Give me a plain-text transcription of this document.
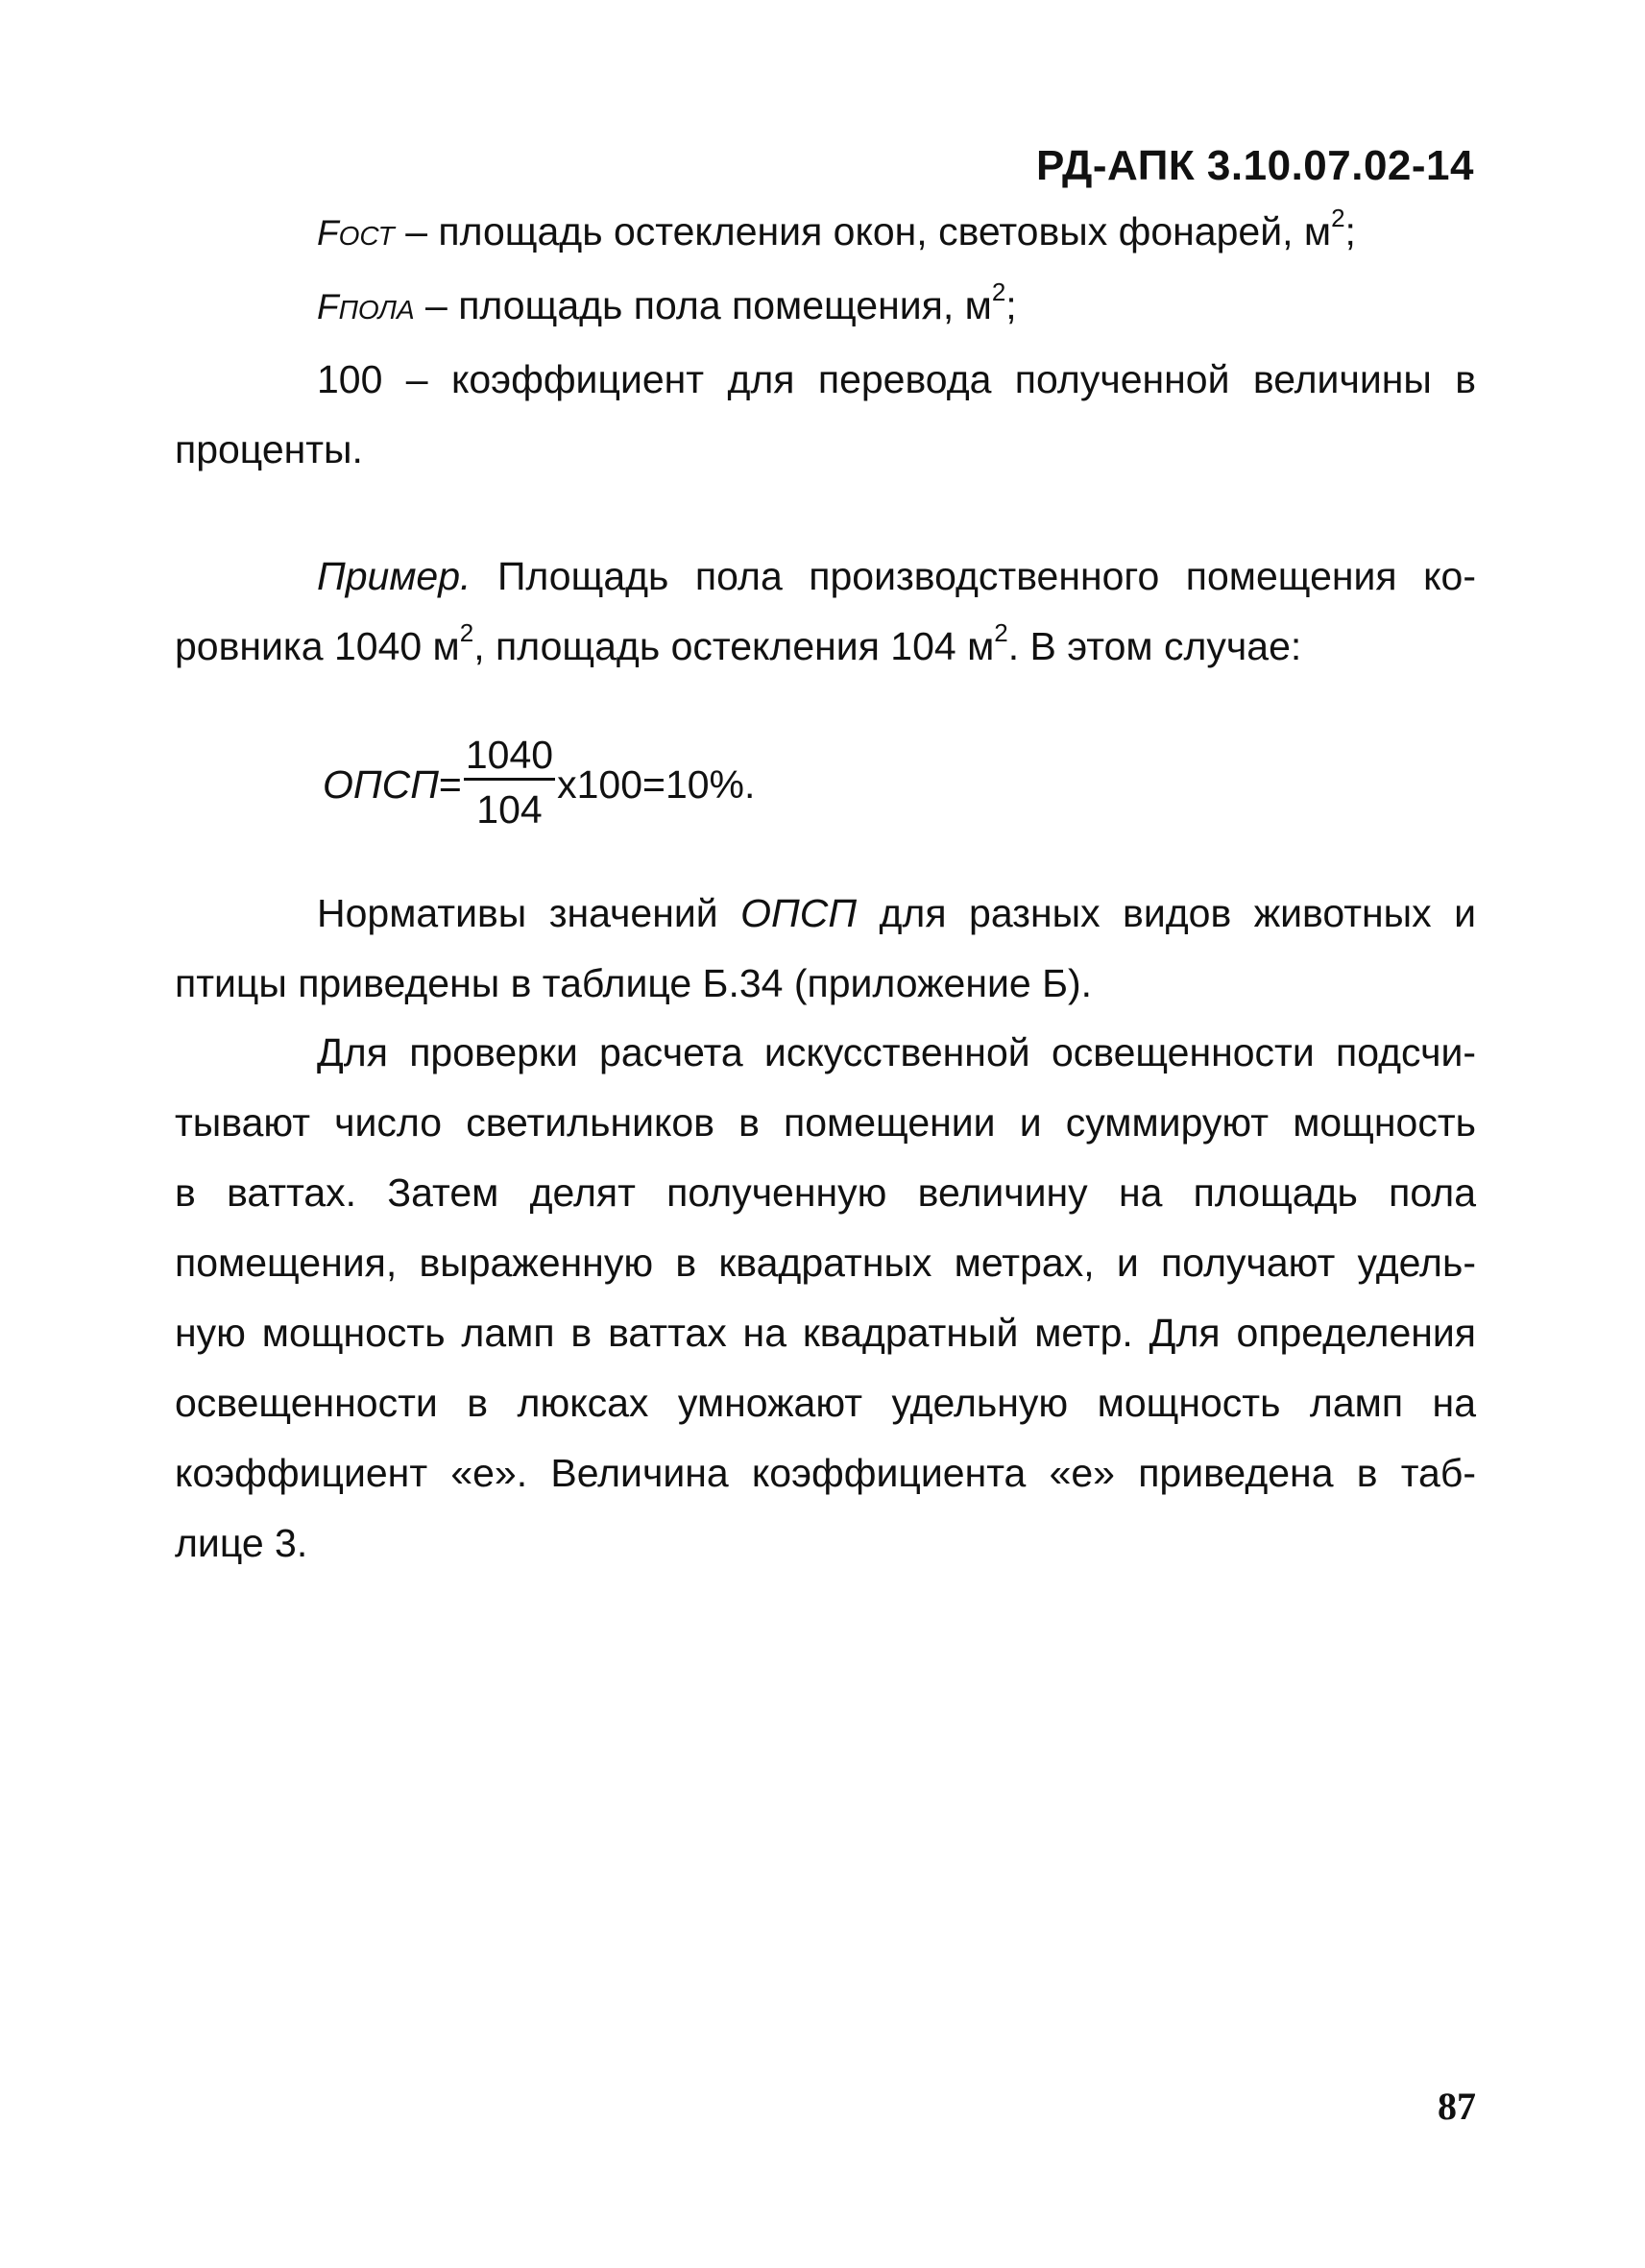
РД-АПК 3.10.07.02-14
FОСТ – площадь остекления окон, световых фонарей, $м^2$;
FПОЛА – площадь пола помещения, $м^2$;
100 – коэффициент для перевода полученной величины в
проценты.
Пример. Площадь пола производственного помещения ко-
ровника 1040 $м^2$, площадь остекления 104 $м^2$. В этом случае:
ОПСП = $\frac{1040}{104} x100=10\%$.
Нормативы значений ОПСП для разных видов животных и
птицы приведены в таблице Б.34 (приложение Б).
Для проверки расчета искусственной освещенности подсчи-
тывают число светильников в помещении и суммируют мощность
в ваттах. Затем делят полученную величину на площадь пола
помещения, выраженную в квадратных метрах, и получают удель-
ную мощность ламп в ваттах на квадратный метр. Для определения
освещенности в люксах умножают удельную мощность ламп на
коэффициент «е». Величина коэффициента «е» приведена в таб-
лице 3.
87
